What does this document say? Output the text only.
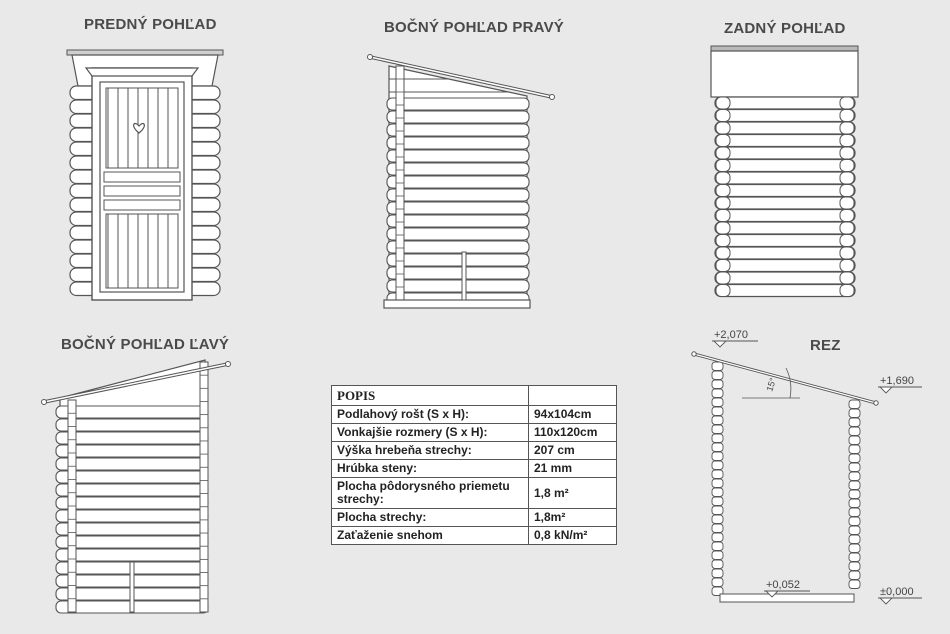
+2,070
+1,690
+0,052
±0,000
15°
PREDNÝ POHĽAD	BOČNÝ POHĽAD PRAVÝ	ZADNÝ POHĽAD
BOČNÝ POHĽAD ĽAVÝ	REZ
POPIS	
Podlahový rošt (S x H):	94x104cm
Vonkajšie rozmery (S x H):	110x120cm
Výška hrebeňa strechy:	207 cm
Hrúbka steny:	21 mm
Plocha pôdorysného priemetu strechy:	1,8 m²
Plocha strechy:	1,8m²
Zaťaženie snehom	0,8 kN/m²
